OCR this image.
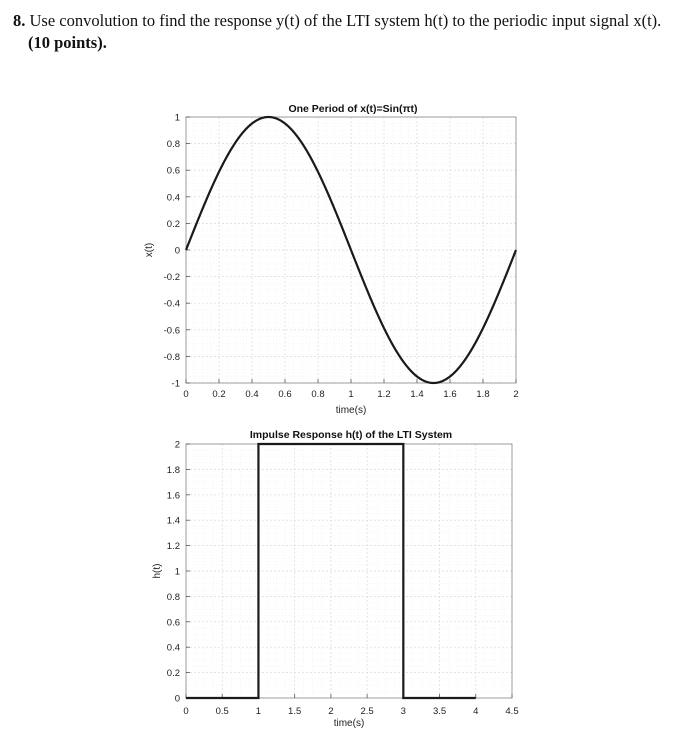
8. Use convolution to find the response y(t) of the LTI system h(t) to the periodic input signal x(t).
(10 points).
0 0.2 0.4 0.6 0.8 1 1.2 1.4 1.6 1.8 2
-1
-0.8
-0.6
-0.4
-0.2
0
0.2
0.4
0.6
0.8
1
One Period of x(t)=Sin(πt)
time(s)
x(t)
0	0.5	1	1.5	2	2.5	3	3.5	4	4.5
0
0.2
0.4
0.6
0.8
1
1.2
1.4
1.6
1.8
2
Impulse Response h(t) of the LTI System
time(s)
h(t)
